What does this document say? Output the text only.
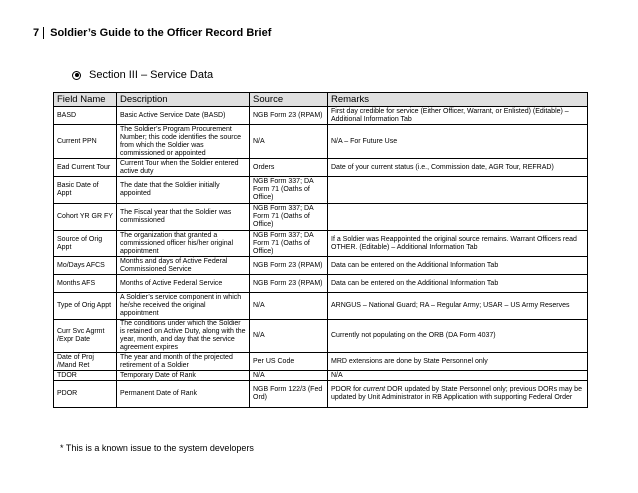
7	Soldier’s Guide to the Officer Record Brief
Section III – Service Data
Field Name	Description	Source	Remarks
BASD	Basic Active Service Date (BASD)	NGB Form 23 (RPAM)	First day credible for service (Either Officer, Warrant, or Enlisted) (Editable) – Additional Information Tab
Current PPN	The Soldier’s Program Procurement Number; this code identifies the source from which the Soldier was commissioned or appointed	N/A	N/A – For Future Use
Ead Current Tour	Current Tour when the Soldier entered active duty	Orders	Date of your current status (i.e., Commission date, AGR Tour, REFRAD)
Basic Date of Appt	The date that the Soldier initially appointed	NGB Form 337; DA Form 71 (Oaths of Office)	
Cohort YR GR FY	The Fiscal year that the Soldier was commissioned	NGB Form 337; DA Form 71 (Oaths of Office)	
Source of Orig Appt	The organization that granted a commissioned officer his/her original appointment	NGB Form 337; DA Form 71 (Oaths of Office)	If a Soldier was Reappointed the original source remains. Warrant Officers read OTHER. (Editable) – Additional Information Tab
Mo/Days AFCS	Months and days of Active Federal Commissioned Service	NGB Form 23 (RPAM)	Data can be entered on the Additional Information Tab
Months AFS	Months of Active Federal Service	NGB Form 23 (RPAM)	Data can be entered on the Additional Information Tab
Type of Orig Appt	A Soldier’s service component in which he/she received the original appointment	N/A	ARNGUS – National Guard; RA – Regular Army; USAR – US Army Reserves
Curr Svc Agrmt /Expr Date	The conditions under which the Soldier is retained on Active Duty, along with the year, month, and day that the service agreement expires	N/A	Currently not populating on the ORB (DA Form 4037)
Date of Proj /Mand Ret	The year and month of the projected retirement of a Soldier	Per US Code	MRD extensions are done by State Personnel only
TDOR	Temporary Date of Rank	N/A	N/A
PDOR	Permanent Date of Rank	NGB Form 122/3 (Fed Ord)	PDOR for current DOR updated by State Personnel only; previous DORs may be updated by Unit Administrator in RB Application with supporting Federal Order
* This is a known issue to the system developers
